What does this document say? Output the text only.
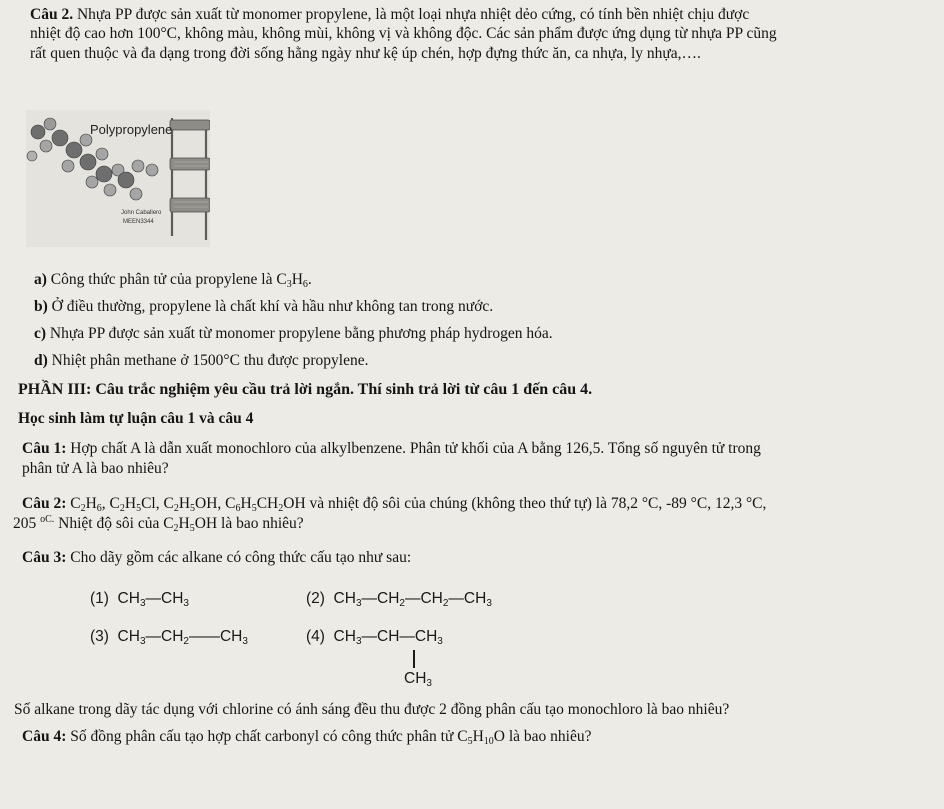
Câu 2. Nhựa PP được sản xuất từ monomer propylene, là một loại nhựa nhiệt dẻo cứng, có tính bền nhiệt chịu được
nhiệt độ cao hơn 100°C, không màu, không mùi, không vị và không độc. Các sản phẩm được ứng dụng từ nhựa PP cũng
rất quen thuộc và đa dạng trong đời sống hằng ngày như kệ úp chén, hợp đựng thức ăn, ca nhựa, ly nhựa,….
Polypropylene
John Caballero
MEEN3344
a) Công thức phân tử của propylene là $C_3H_6$.
b) Ở điều thường, propylene là chất khí và hầu như không tan trong nước.
c) Nhựa PP được sản xuất từ monomer propylene bằng phương pháp hydrogen hóa.
d) Nhiệt phân methane ở 1500°C thu được propylene.
PHẦN III: Câu trắc nghiệm yêu cầu trả lời ngắn. Thí sinh trả lời từ câu 1 đến câu 4.
Học sinh làm tự luận câu 1 và câu 4
Câu 1: Hợp chất A là dẫn xuất monochloro của alkylbenzene. Phân tử khối của A bằng 126,5. Tổng số nguyên tử trong
phân tử A là bao nhiêu?
Câu 2: $C_2H_6$, $C_2H_5Cl$, $C_2H_5OH$, $C_6H_5CH_2OH$ và nhiệt độ sôi của chúng (không theo thứ tự) là 78,2 °C, -89 °C, 12,3 °C,
205 $^{oC.}$ Nhiệt độ sôi của $C_2H_5OH$ là bao nhiêu?
Câu 3: Cho dãy gồm các alkane có công thức cấu tạo như sau:
(1)  $CH_3—CH_3$	(2)  $CH_3—CH_2—CH_2—CH_3$
(3)  $CH_3—CH_2——CH_3$	(4)  $CH_3—CH—CH_3$
$CH_3$
Số alkane trong dãy tác dụng với chlorine có ánh sáng đều thu được 2 đồng phân cấu tạo monochloro là bao nhiêu?
Câu 4: Số đồng phân cấu tạo hợp chất carbonyl có công thức phân tử $C_5H_{10}O$ là bao nhiêu?
